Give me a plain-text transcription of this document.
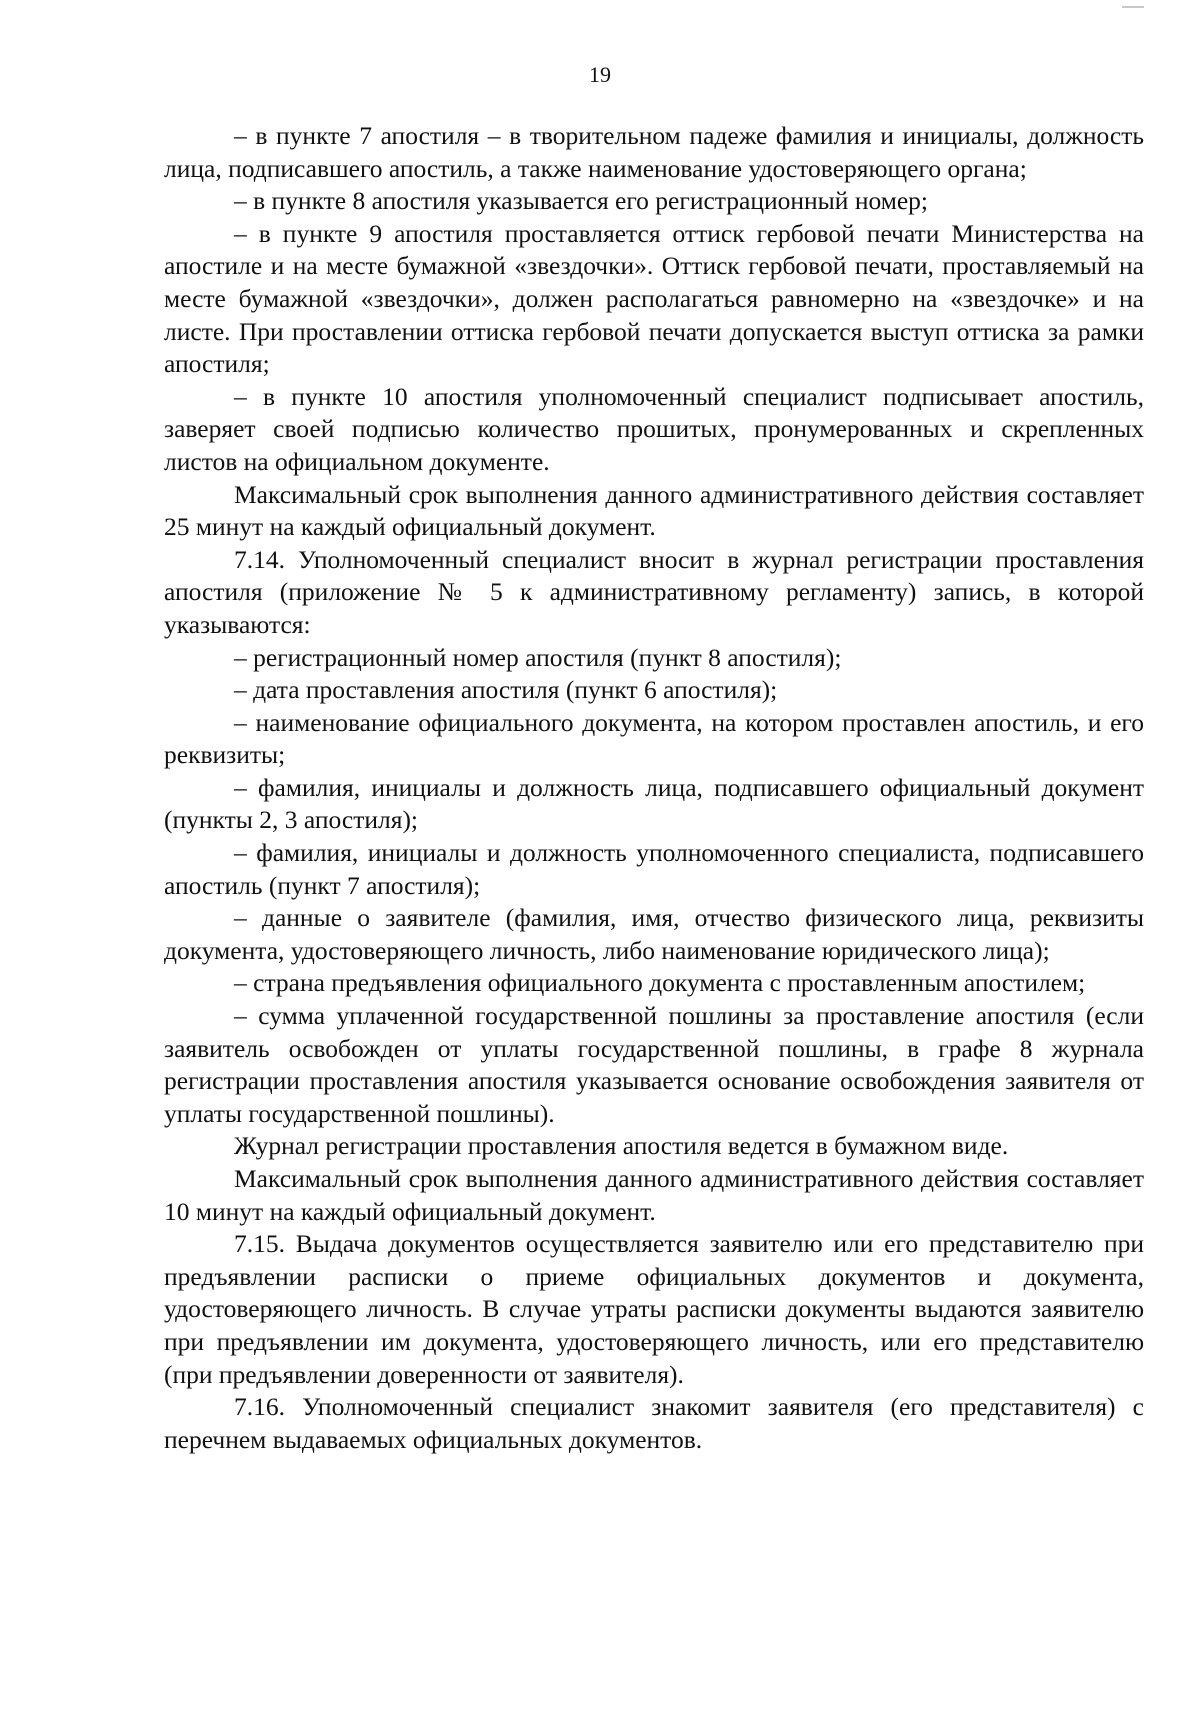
19

– в пункте 7 апостиля – в творительном падеже фамилия и инициалы, должность лица, подписавшего апостиль, а также наименование удостоверяющего органа;

– в пункте 8 апостиля указывается его регистрационный номер;

– в пункте 9 апостиля проставляется оттиск гербовой печати Министерства на апостиле и на месте бумажной «звездочки». Оттиск гербовой печати, проставляемый на месте бумажной «звездочки», должен располагаться равномерно на «звездочке» и на листе. При проставлении оттиска гербовой печати допускается выступ оттиска за рамки апостиля;

– в пункте 10 апостиля уполномоченный специалист подписывает апостиль, заверяет своей подписью количество прошитых, пронумерованных и скрепленных листов на официальном документе.

Максимальный срок выполнения данного административного действия составляет 25 минут на каждый официальный документ.

7.14. Уполномоченный специалист вносит в журнал регистрации проставления апостиля (приложение № 5 к административному регламенту) запись, в которой указываются:

– регистрационный номер апостиля (пункт 8 апостиля);

– дата проставления апостиля (пункт 6 апостиля);

– наименование официального документа, на котором проставлен апостиль, и его реквизиты;

– фамилия, инициалы и должность лица, подписавшего официальный документ (пункты 2, 3 апостиля);

– фамилия, инициалы и должность уполномоченного специалиста, подписавшего апостиль (пункт 7 апостиля);

– данные о заявителе (фамилия, имя, отчество физического лица, реквизиты документа, удостоверяющего личность, либо наименование юридического лица);

– страна предъявления официального документа с проставленным апостилем;

– сумма уплаченной государственной пошлины за проставление апостиля (если заявитель освобожден от уплаты государственной пошлины, в графе 8 журнала регистрации проставления апостиля указывается основание освобождения заявителя от уплаты государственной пошлины).

Журнал регистрации проставления апостиля ведется в бумажном виде.

Максимальный срок выполнения данного административного действия составляет 10 минут на каждый официальный документ.

7.15. Выдача документов осуществляется заявителю или его представителю при предъявлении расписки о приеме официальных документов и документа, удостоверяющего личность. В случае утраты расписки документы выдаются заявителю при предъявлении им документа, удостоверяющего личность, или его представителю (при предъявлении доверенности от заявителя).

7.16. Уполномоченный специалист знакомит заявителя (его представителя) с перечнем выдаваемых официальных документов.
